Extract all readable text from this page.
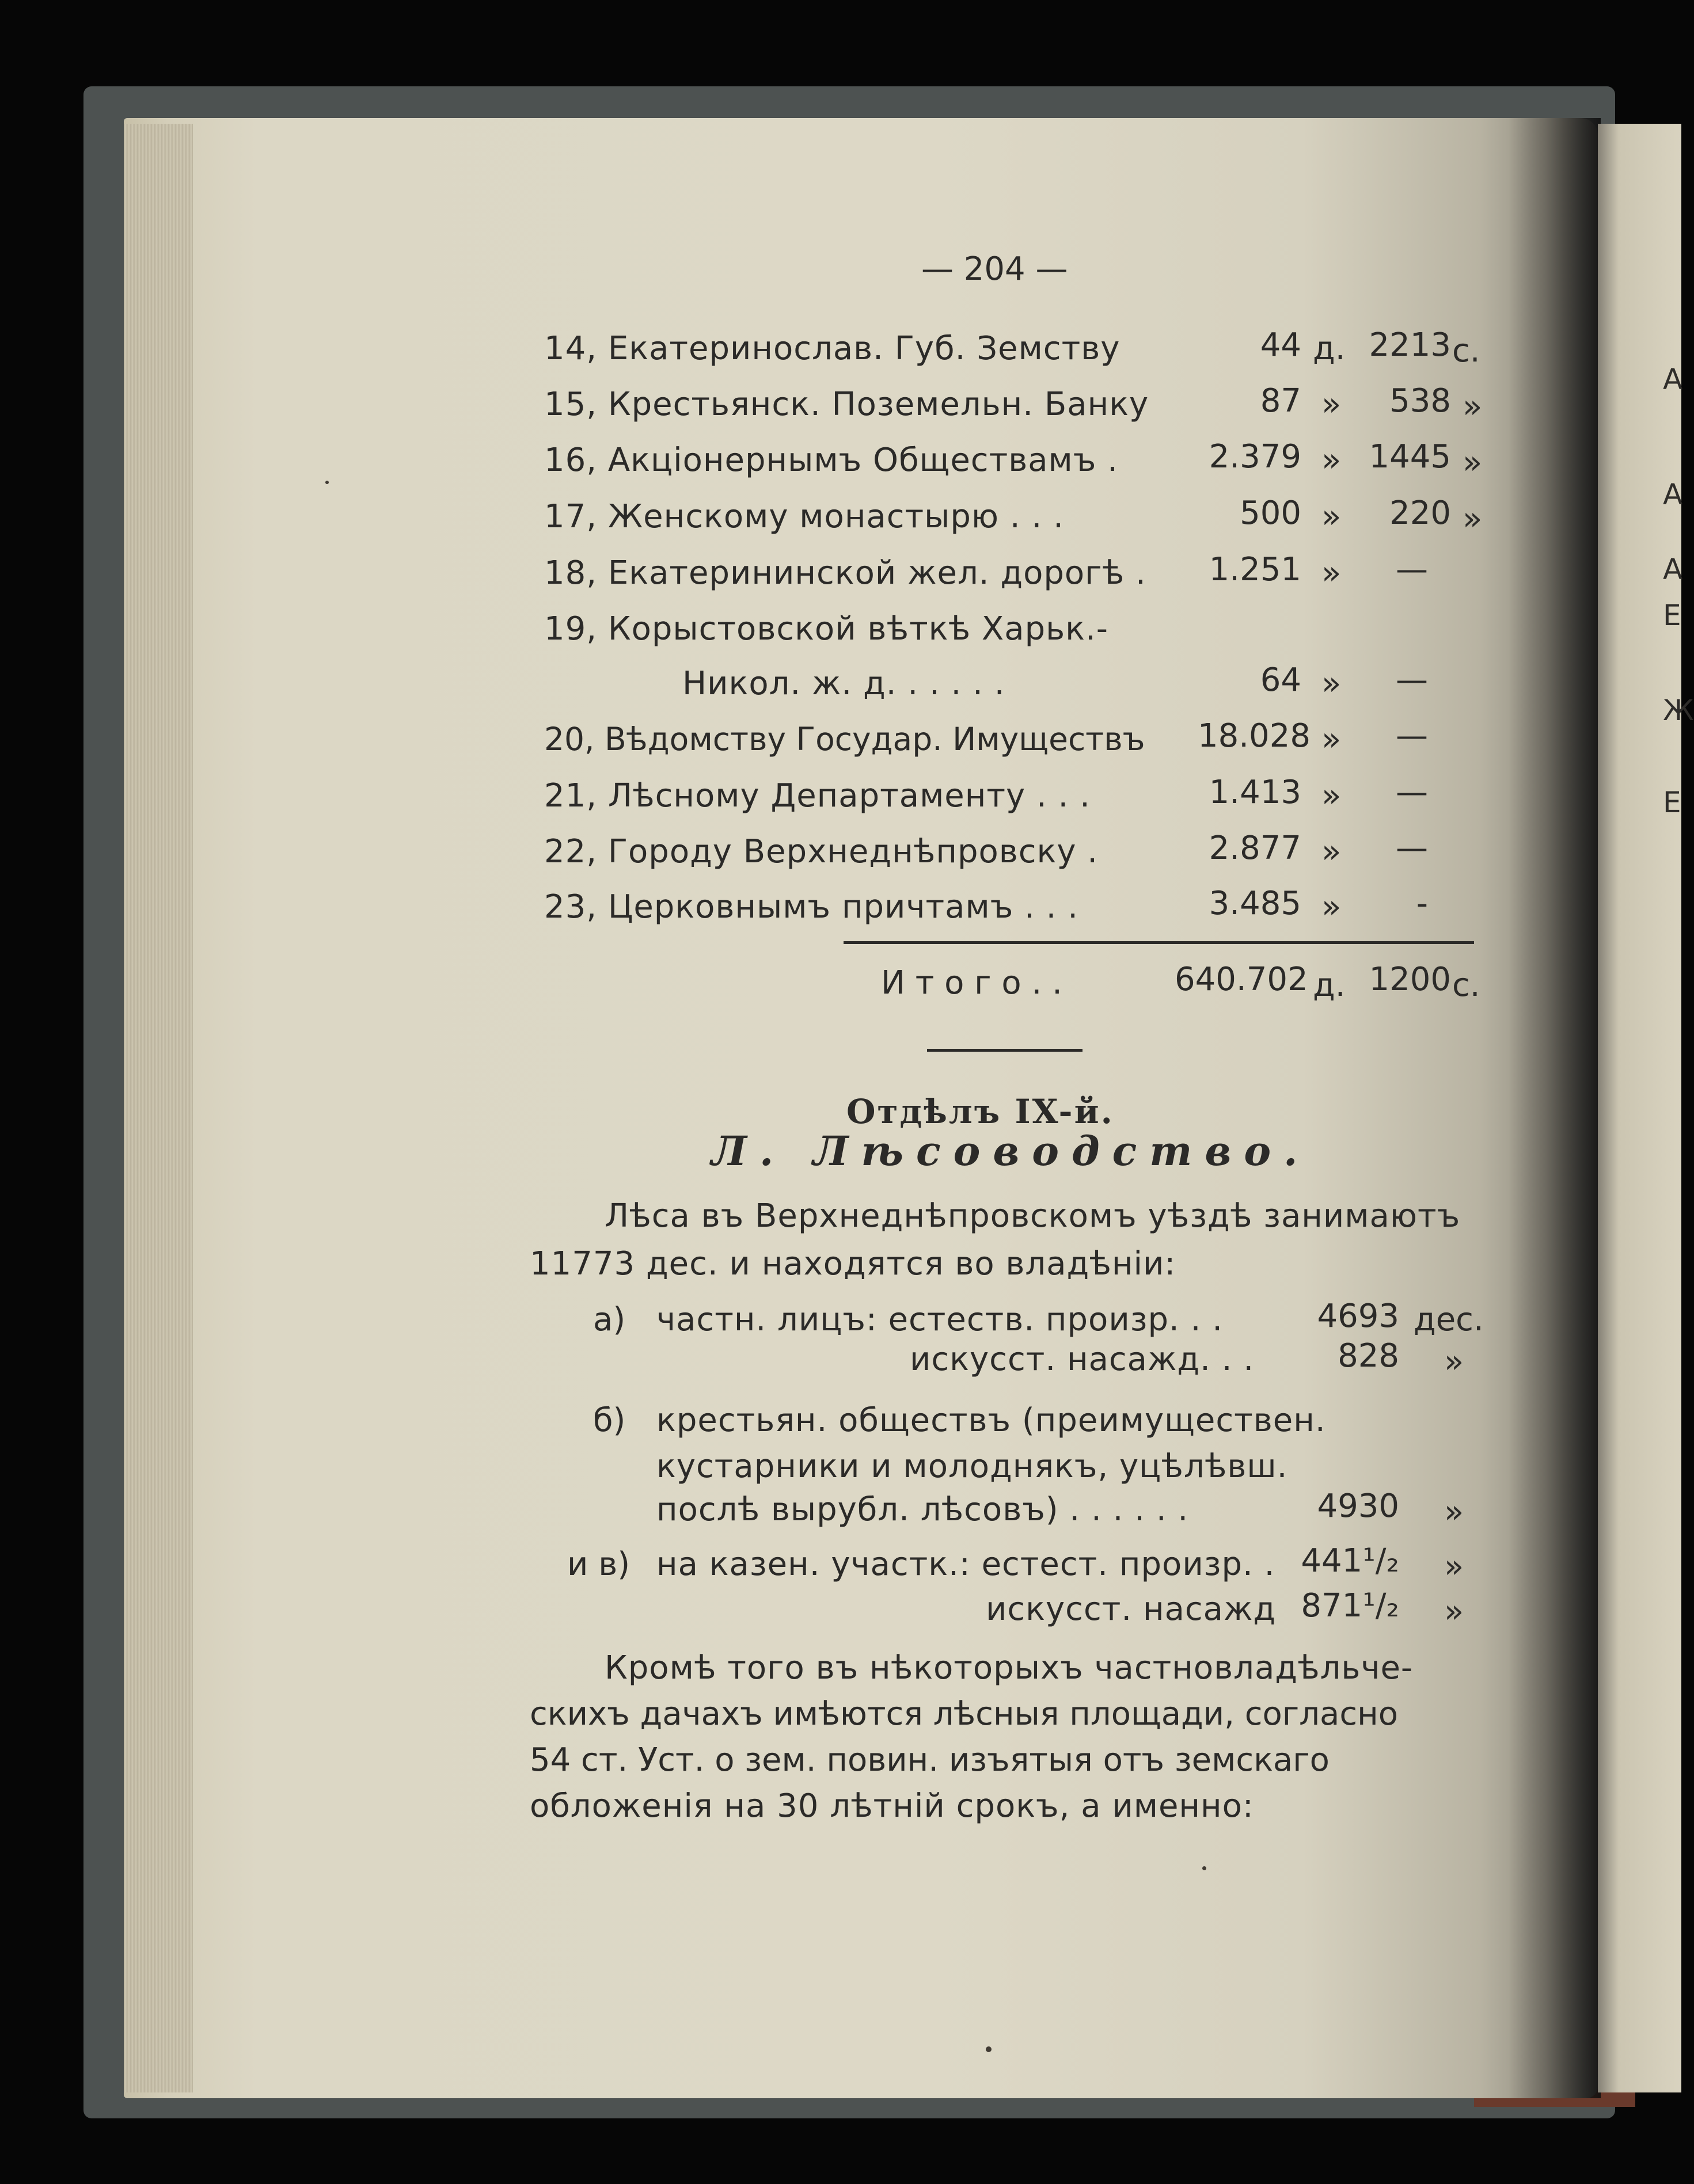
А
А
А
Е
Ж
Е
— 204 —
14, Екатеринослав. Губ. Земству	44 д. 2213 с.
15, Крестьянск. Поземельн. Банку	87 »	538 »
16, Акціонернымъ Обществамъ .	2.379 » 1445 »
17, Женскому монастырю . . .	500 »	220 »
18, Екатерининской жел. дорогѣ .	1.251 »	—
19, Корыстовской вѣткѣ Харьк.-
Никол. ж. д. . . . . .	64 »	—
20, Вѣдомству Государ. Имуществъ 18.028 »	—
21, Лѣсному Департаменту . . .	1.413 »	—
22, Городу Верхнеднѣпровску .	2.877 »	—
23, Церковнымъ причтамъ . . .	3.485 »	-
И т о г о . .	640.702 д. 1200 с.
Отдѣлъ IX-й.
Л. Лѣсоводство.
Лѣса въ Верхнеднѣпровскомъ уѣздѣ занимаютъ
11773 дес. и находятся во владѣніи:
а) частн. лицъ: естеств. произр. . .	4693 дес.
искусст. насажд. . .	828 »
б) крестьян. обществъ (преимуществен.
кустарники и молоднякъ, уцѣлѣвш.
послѣ вырубл. лѣсовъ) . . . . . .	4930 »
и в) на казен. участк.: естест. произр. . 441¹/₂ »
искусст. насажд 871¹/₂ »
Кромѣ того въ нѣкоторыхъ частновладѣльче-
скихъ дачахъ имѣются лѣсныя площади, согласно
54 ст. Уст. о зем. повин. изъятыя отъ земскаго
обложенія на 30 лѣтній срокъ, а именно:
